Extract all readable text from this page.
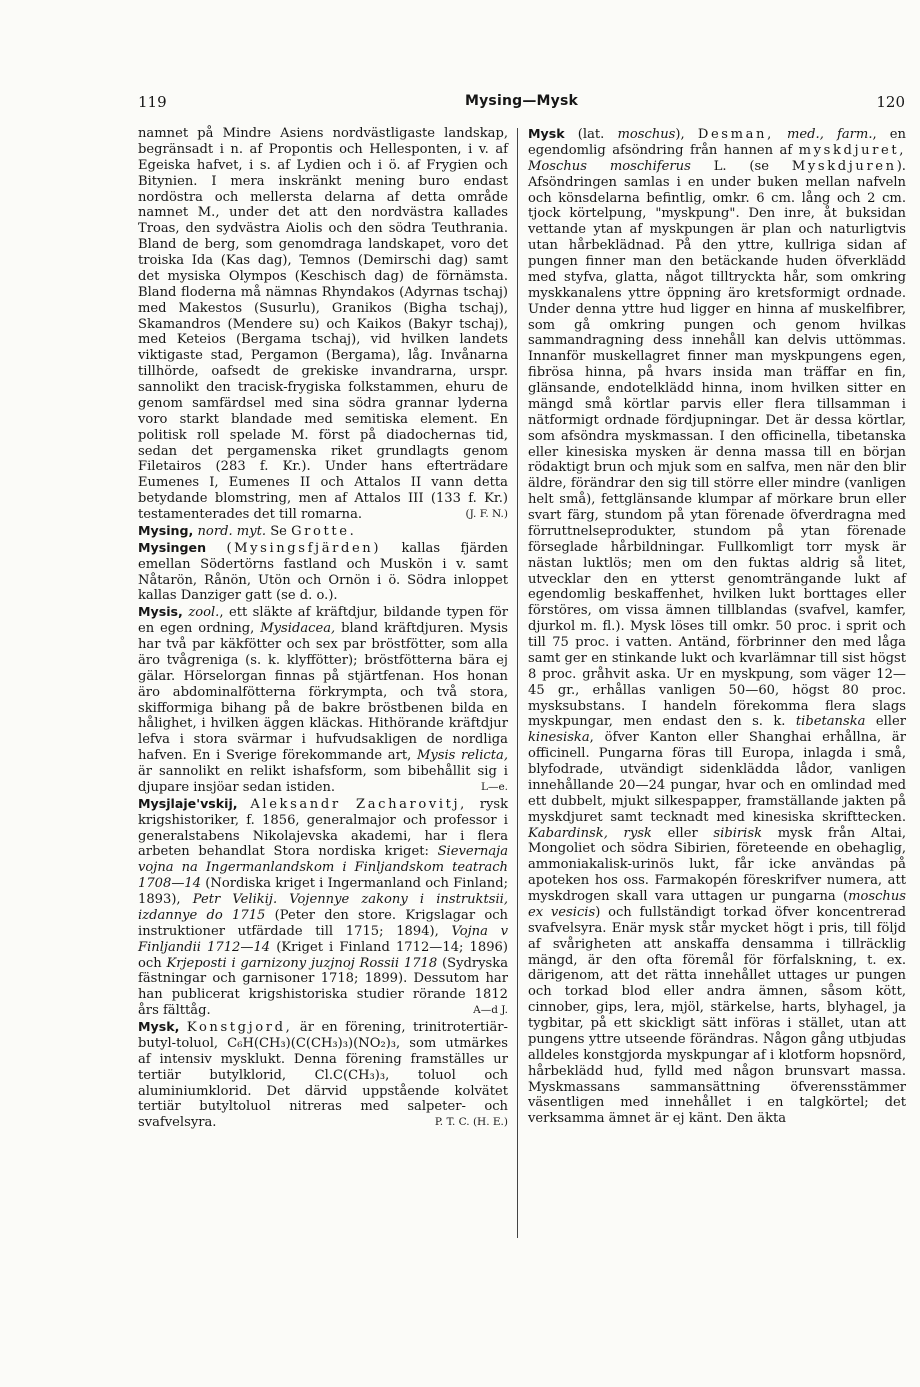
119	Mysing—Mysk	120

namnet på Mindre Asiens nordvästligaste landskap, begränsadt i n. af Propontis och Hellesponten, i v. af Egeiska hafvet, i s. af Lydien och i ö. af Frygien och Bitynien. I mera inskränkt mening buro endast nordöstra och mellersta delarna af detta område namnet M., under det att den nordvästra kallades Troas, den sydvästra Aiolis och den södra Teuthrania. Bland de berg, som genomdraga landskapet, voro det troiska Ida (Kas dag), Temnos (Demirschi dag) samt det mysiska Olympos (Keschisch dag) de förnämsta. Bland floderna må nämnas Rhyndakos (Adyrnas tschaj) med Makestos (Susurlu), Granikos (Bigha tschaj), Skamandros (Mendere su) och Kaikos (Bakyr tschaj), med Keteios (Bergama tschaj), vid hvilken landets viktigaste stad, Pergamon (Bergama), låg. Invånarna tillhörde, oafsedt de grekiske invandrarna, urspr. sannolikt den tracisk-frygiska folkstammen, ehuru de genom samfärdsel med sina södra grannar lyderna voro starkt blandade med semitiska element. En politisk roll spelade M. först på diadochernas tid, sedan det pergamenska riket grundlagts genom Filetairos (283 f. Kr.). Under hans efterträdare Eumenes I, Eumenes II och Attalos II vann detta betydande blomstring, men af Attalos III (133 f. Kr.) testamenterades det till romarna.	(J. F. N.)

Mysing, nord. myt. Se Grotte.

Mysingen (Mysingsfjärden) kallas fjärden emellan Södertörns fastland och Muskön i v. samt Nåtarön, Rånön, Utön och Ornön i ö. Södra inloppet kallas Danziger gatt (se d. o.).

Mysis, zool., ett släkte af kräftdjur, bildande typen för en egen ordning, Mysidacea, bland kräftdjuren. Mysis har två par käkfötter och sex par bröstfötter, som alla äro tvågreniga (s. k. klyffötter); bröstfötterna bära ej gälar. Hörselorgan finnas på stjärtfenan. Hos honan äro abdominalfötterna förkrympta, och två stora, skifformiga bihang på de bakre bröstbenen bilda en hålighet, i hvilken äggen kläckas. Hithörande kräftdjur lefva i stora svärmar i hufvudsakligen de nordliga hafven. En i Sverige förekommande art, Mysis relicta, är sannolikt en relikt ishafsform, som bibehållit sig i djupare insjöar sedan istiden.	L—e.

Mysjlaje'vskij, Aleksandr Zacharovitj, rysk krigshistoriker, f. 1856, generalmajor och professor i generalstabens Nikolajevska akademi, har i flera arbeten behandlat Stora nordiska kriget: Sievernaja vojna na Ingermanlandskom i Finljandskom teatrach 1708—14 (Nordiska kriget i Ingermanland och Finland; 1893), Petr Velikij. Vojennye zakony i instruktsii, izdannye do 1715 (Peter den store. Krigslagar och instruktioner utfärdade till 1715; 1894), Vojna v Finljandii 1712—14 (Kriget i Finland 1712—14; 1896) och Krjeposti i garnizony juzjnoj Rossii 1718 (Sydryska fästningar och garnisoner 1718; 1899). Dessutom har han publicerat krigshistoriska studier rörande 1812 års fälttåg.	A—d J.

Mysk, Konstgjord, är en förening, trinitrotertiär-butyl-toluol, C₆H(CH₃)(C(CH₃)₃)(NO₂)₃, som utmärkes af intensiv mysklukt. Denna förening framställes ur tertiär butylklorid, Cl.C(CH₃)₃, toluol och aluminiumklorid. Det därvid uppstående kolvätet tertiär butyltoluol nitreras med salpeter- och svafvelsyra.	P. T. C. (H. E.)

Mysk (lat. moschus), Desman, med., farm., en egendomlig afsöndring från hannen af myskdjuret, Moschus moschiferus L. (se Myskdjuren). Afsöndringen samlas i en under buken mellan nafveln och könsdelarna befintlig, omkr. 6 cm. lång och 2 cm. tjock körtelpung, "myskpung". Den inre, åt buksidan vettande ytan af myskpungen är plan och naturligtvis utan hårbeklädnad. På den yttre, kullriga sidan af pungen finner man den betäckande huden öfverklädd med styfva, glatta, något tilltryckta hår, som omkring myskkanalens yttre öppning äro kretsformigt ordnade. Under denna yttre hud ligger en hinna af muskelfibrer, som gå omkring pungen och genom hvilkas sammandragning dess innehåll kan delvis uttömmas. Innanför muskellagret finner man myskpungens egen, fibrösa hinna, på hvars insida man träffar en fin, glänsande, endotelklädd hinna, inom hvilken sitter en mängd små körtlar parvis eller flera tillsamman i nätformigt ordnade fördjupningar. Det är dessa körtlar, som afsöndra myskmassan. I den officinella, tibetanska eller kinesiska mysken är denna massa till en början rödaktigt brun och mjuk som en salfva, men när den blir äldre, förändrar den sig till större eller mindre (vanligen helt små), fettglänsande klumpar af mörkare brun eller svart färg, stundom på ytan förenade öfverdragna med förruttnelseprodukter, stundom på ytan förenade förseglade hårbildningar. Fullkomligt torr mysk är nästan luktlös; men om den fuktas aldrig så litet, utvecklar den en ytterst genomträngande lukt af egendomlig beskaffenhet, hvilken lukt borttages eller förstöres, om vissa ämnen tillblandas (svafvel, kamfer, djurkol m. fl.). Mysk löses till omkr. 50 proc. i sprit och till 75 proc. i vatten. Antänd, förbrinner den med låga samt ger en stinkande lukt och kvarlämnar till sist högst 8 proc. gråhvit aska. Ur en myskpung, som väger 12—45 gr., erhållas vanligen 50—60, högst 80 proc. mysksubstans. I handeln förekomma flera slags myskpungar, men endast den s. k. tibetanska eller kinesiska, öfver Kanton eller Shanghai erhållna, är officinell. Pungarna föras till Europa, inlagda i små, blyfodrade, utvändigt sidenklädda lådor, vanligen innehållande 20—24 pungar, hvar och en omlindad med ett dubbelt, mjukt silkespapper, framställande jakten på myskdjuret samt tecknadt med kinesiska skrifttecken. Kabardinsk, rysk eller sibirisk mysk från Altai, Mongoliet och södra Sibirien, företeende en obehaglig, ammoniakalisk-urinös lukt, får icke användas på apoteken hos oss. Farmakopén föreskrifver numera, att myskdrogen skall vara uttagen ur pungarna (moschus ex vesicis) och fullständigt torkad öfver koncentrerad svafvelsyra. Enär mysk står mycket högt i pris, till följd af svårigheten att anskaffa densamma i tillräcklig mängd, är den ofta föremål för förfalskning, t. ex. därigenom, att det rätta innehållet uttages ur pungen och torkad blod eller andra ämnen, såsom kött, cinnober, gips, lera, mjöl, stärkelse, harts, blyhagel, ja tygbitar, på ett skickligt sätt införas i stället, utan att pungens yttre utseende förändras. Någon gång utbjudas alldeles konstgjorda myskpungar af i klotform hopsnörd, hårbeklädd hud, fylld med någon brunsvart massa. Myskmassans sammansättning öfverensstämmer väsentligen med innehållet i en talgkörtel; det verksamma ämnet är ej känt. Den äkta
